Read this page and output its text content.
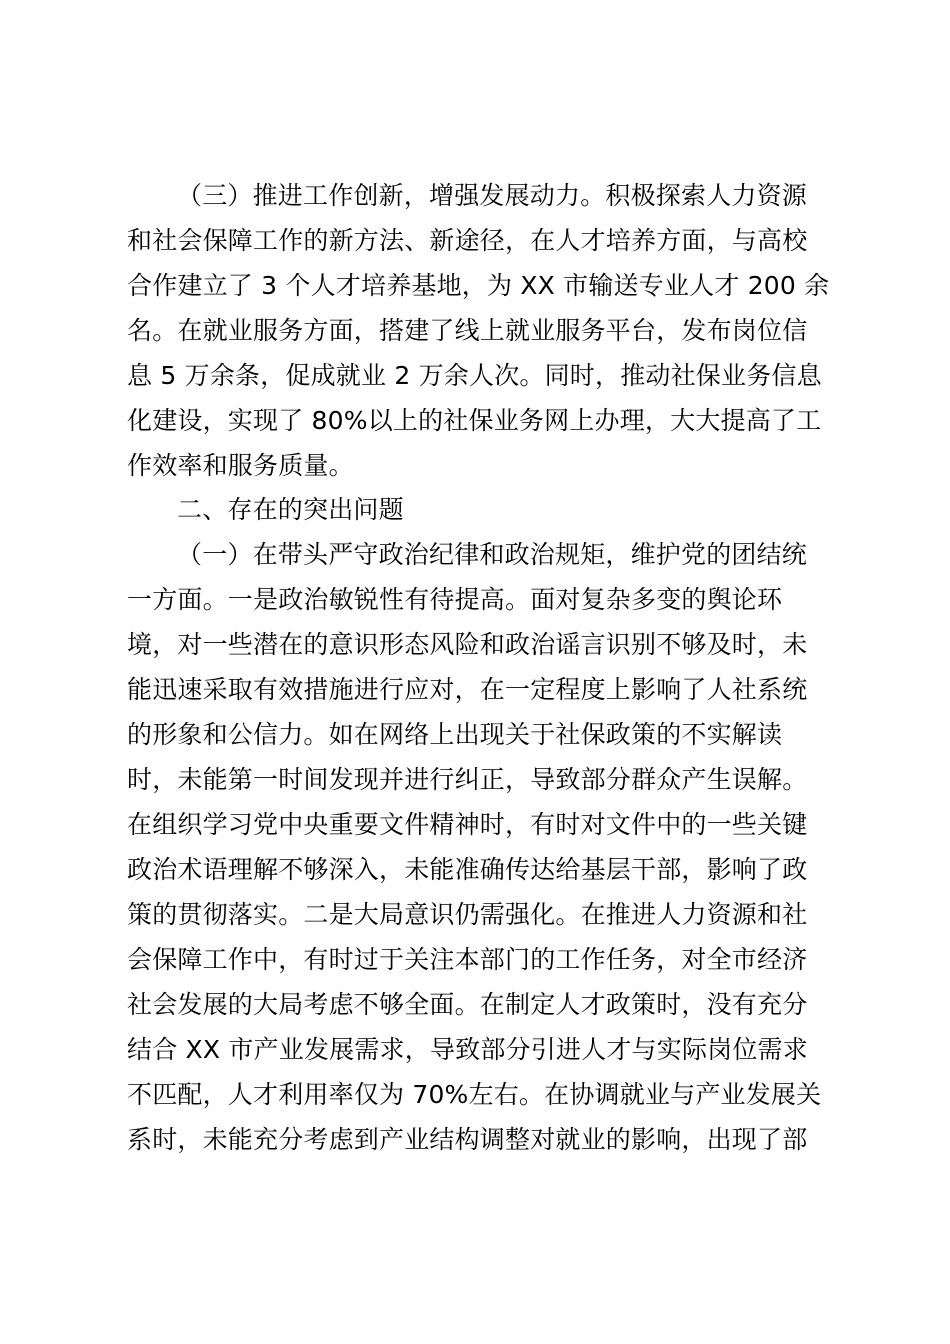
（三）推进工作创新，增强发展动力。积极探索人力资源
和社会保障工作的新方法、新途径，在人才培养方面，与高校
合作建立了 3 个人才培养基地，为 XX 市输送专业人才 200 余
名。在就业服务方面，搭建了线上就业服务平台，发布岗位信
息 5 万余条，促成就业 2 万余人次。同时，推动社保业务信息
化建设，实现了 80%以上的社保业务网上办理，大大提高了工
作效率和服务质量。
二、存在的突出问题
（一）在带头严守政治纪律和政治规矩，维护党的团结统
一方面。一是政治敏锐性有待提高。面对复杂多变的舆论环
境，对一些潜在的意识形态风险和政治谣言识别不够及时，未
能迅速采取有效措施进行应对，在一定程度上影响了人社系统
的形象和公信力。如在网络上出现关于社保政策的不实解读
时，未能第一时间发现并进行纠正，导致部分群众产生误解。
在组织学习党中央重要文件精神时，有时对文件中的一些关键
政治术语理解不够深入，未能准确传达给基层干部，影响了政
策的贯彻落实。二是大局意识仍需强化。在推进人力资源和社
会保障工作中，有时过于关注本部门的工作任务，对全市经济
社会发展的大局考虑不够全面。在制定人才政策时，没有充分
结合 XX 市产业发展需求，导致部分引进人才与实际岗位需求
不匹配，人才利用率仅为 70%左右。在协调就业与产业发展关
系时，未能充分考虑到产业结构调整对就业的影响，出现了部
